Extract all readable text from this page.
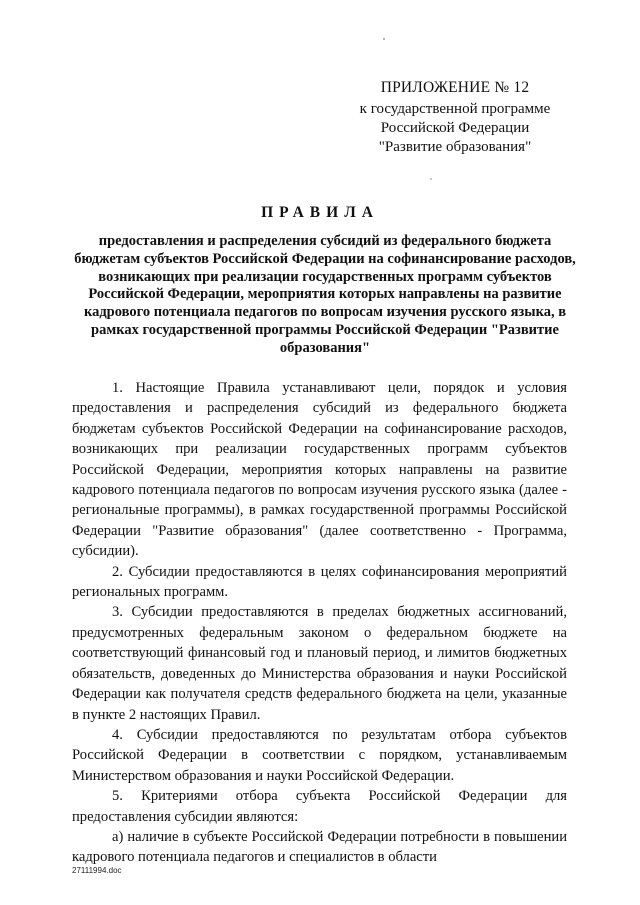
ПРИЛОЖЕНИЕ № 12
к государственной программе
Российской Федерации
"Развитие образования"
ПРАВИЛА
предоставления и распределения субсидий из федерального бюджета бюджетам субъектов Российской Федерации на софинансирование расходов, возникающих при реализации государственных программ субъектов Российской Федерации, мероприятия которых направлены на развитие кадрового потенциала педагогов по вопросам изучения русского языка, в рамках государственной программы Российской Федерации "Развитие образования"

1. Настоящие Правила устанавливают цели, порядок и условия предоставления и распределения субсидий из федерального бюджета бюджетам субъектов Российской Федерации на софинансирование расходов, возникающих при реализации государственных программ субъектов Российской Федерации, мероприятия которых направлены на развитие кадрового потенциала педагогов по вопросам изучения русского языка (далее - региональные программы), в рамках государственной программы Российской Федерации "Развитие образования" (далее соответственно - Программа, субсидии).

2. Субсидии предоставляются в целях софинансирования мероприятий региональных программ.

3. Субсидии предоставляются в пределах бюджетных ассигнований, предусмотренных федеральным законом о федеральном бюджете на соответствующий финансовый год и плановый период, и лимитов бюджетных обязательств, доведенных до Министерства образования и науки Российской Федерации как получателя средств федерального бюджета на цели, указанные в пункте 2 настоящих Правил.

4. Субсидии предоставляются по результатам отбора субъектов Российской Федерации в соответствии с порядком, устанавливаемым Министерством образования и науки Российской Федерации.

5. Критериями отбора субъекта Российской Федерации для предоставления субсидии являются:

а) наличие в субъекте Российской Федерации потребности в повышении кадрового потенциала педагогов и специалистов в области

27111994.doc
